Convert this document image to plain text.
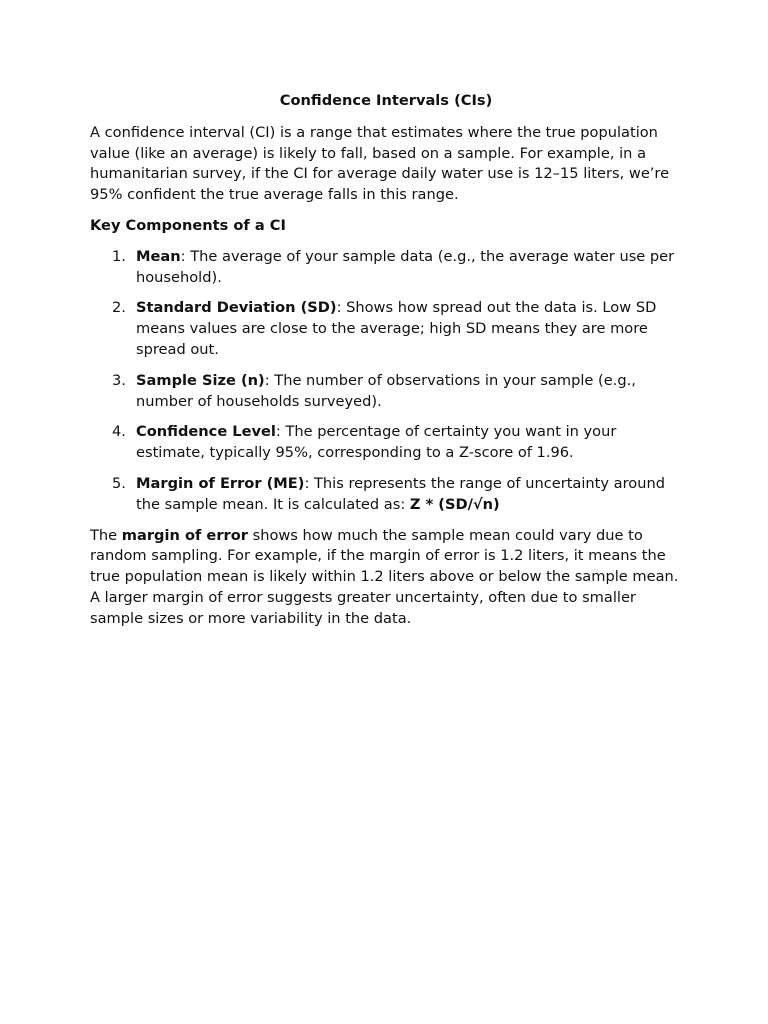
Confidence Intervals (CIs)

A confidence interval (CI) is a range that estimates where the true population value (like an average) is likely to fall, based on a sample. For example, in a humanitarian survey, if the CI for average daily water use is 12–15 liters, we’re 95% confident the true average falls in this range.

Key Components of a CI
1. Mean: The average of your sample data (e.g., the average water use per household).
2. Standard Deviation (SD): Shows how spread out the data is. Low SD means values are close to the average; high SD means they are more spread out.
3. Sample Size (n): The number of observations in your sample (e.g., number of households surveyed).
4. Confidence Level: The percentage of certainty you want in your estimate, typically 95%, corresponding to a Z-score of 1.96.
5. Margin of Error (ME): This represents the range of uncertainty around the sample mean. It is calculated as: Z * (SD/√n)

The margin of error shows how much the sample mean could vary due to random sampling. For example, if the margin of error is 1.2 liters, it means the true population mean is likely within 1.2 liters above or below the sample mean. A larger margin of error suggests greater uncertainty, often due to smaller sample sizes or more variability in the data.
